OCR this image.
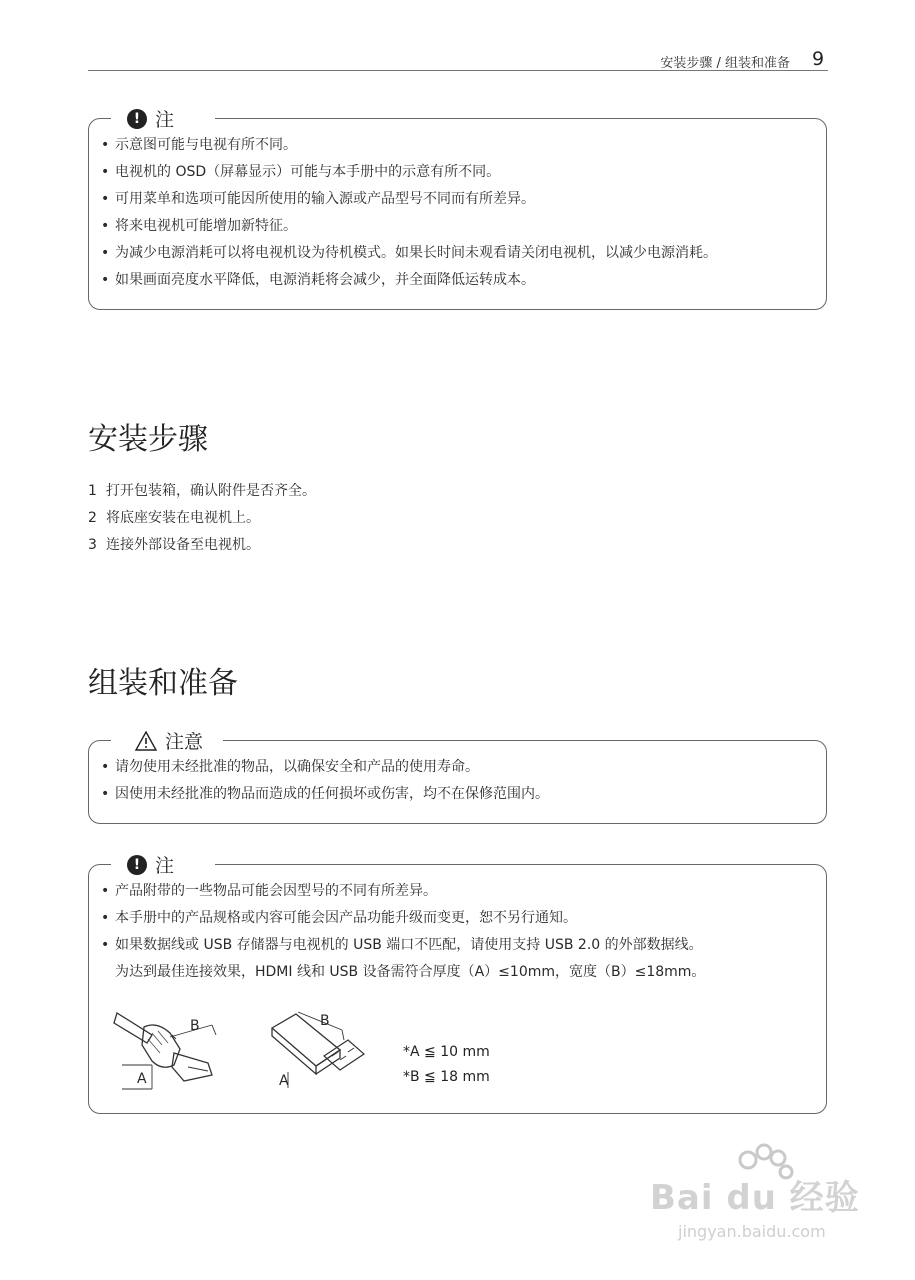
安装步骤 / 组装和准备 9
! 注
• 示意图可能与电视有所不同。
• 电视机的 OSD（屏幕显示）可能与本手册中的示意有所不同。
• 可用菜单和选项可能因所使用的输入源或产品型号不同而有所差异。
• 将来电视机可能增加新特征。
• 为减少电源消耗可以将电视机设为待机模式。如果长时间未观看请关闭电视机，以减少电源消耗。
• 如果画面亮度水平降低，电源消耗将会减少，并全面降低运转成本。
安装步骤
1 打开包装箱，确认附件是否齐全。
2 将底座安装在电视机上。
3 连接外部设备至电视机。
组装和准备
注意
• 请勿使用未经批准的物品，以确保安全和产品的使用寿命。
• 因使用未经批准的物品而造成的任何损坏或伤害，均不在保修范围内。
! 注
• 产品附带的一些物品可能会因型号的不同有所差异。
• 本手册中的产品规格或内容可能会因产品功能升级而变更，恕不另行通知。
• 如果数据线或 USB 存储器与电视机的 USB 端口不匹配，请使用支持 USB 2.0 的外部数据线。
为达到最佳连接效果，HDMI 线和 USB 设备需符合厚度（A）≤10mm，宽度（B）≤18mm。
A
B
A
B
*A ≦ 10 mm
*B ≦ 18 mm
Bai du 经验
jingyan.baidu.com
